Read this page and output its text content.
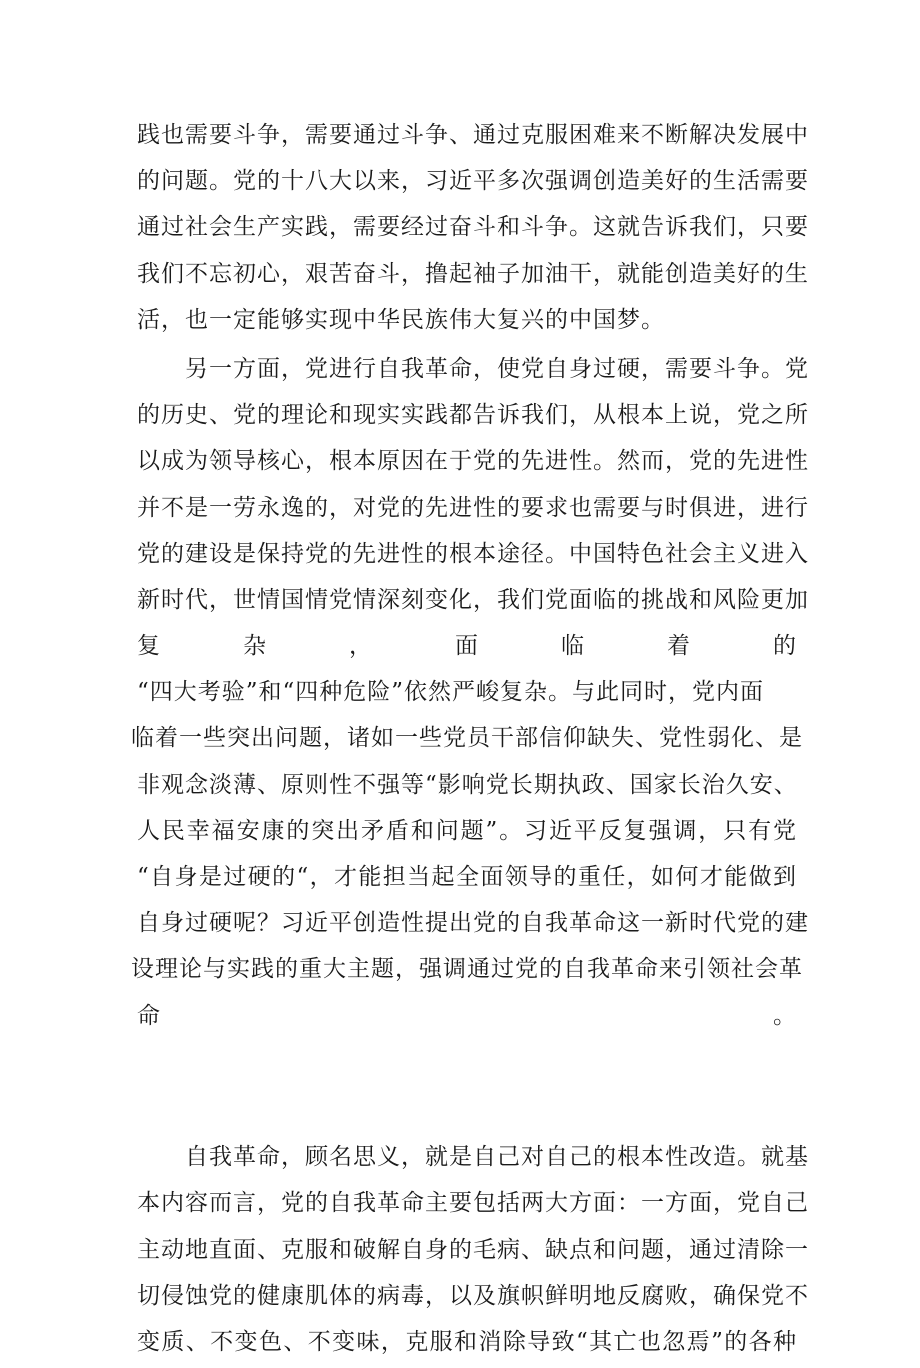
践也需要斗争，需要通过斗争、通过克服困难来不断解决发展中
的问题。党的十八大以来，习近平多次强调创造美好的生活需要
通过社会生产实践，需要经过奋斗和斗争。这就告诉我们，只要
我们不忘初心，艰苦奋斗，撸起袖子加油干，就能创造美好的生
活，也一定能够实现中华民族伟大复兴的中国梦。
另一方面，党进行自我革命，使党自身过硬，需要斗争。党
的历史、党的理论和现实实践都告诉我们，从根本上说，党之所
以成为领导核心，根本原因在于党的先进性。然而，党的先进性
并不是一劳永逸的，对党的先进性的要求也需要与时俱进，进行
党的建设是保持党的先进性的根本途径。中国特色社会主义进入
新时代，世情国情党情深刻变化，我们党面临的挑战和风险更加
复杂，面临着的
“四大考验”和“四种危险”依然严峻复杂。与此同时，党内面
临着一些突出问题，诸如一些党员干部信仰缺失、党性弱化、是
非观念淡薄、原则性不强等“影响党长期执政、国家长治久安、
人民幸福安康的突出矛盾和问题”。习近平反复强调，只有党
“自身是过硬的“，才能担当起全面领导的重任，如何才能做到
自身过硬呢？习近平创造性提出党的自我革命这一新时代党的建
设理论与实践的重大主题，强调通过党的自我革命来引领社会革
命。
自我革命，顾名思义，就是自己对自己的根本性改造。就基
本内容而言，党的自我革命主要包括两大方面：一方面，党自己
主动地直面、克服和破解自身的毛病、缺点和问题，通过清除一
切侵蚀党的健康肌体的病毒，以及旗帜鲜明地反腐败，确保党不
变质、不变色、不变味，克服和消除导致“其亡也忽焉”的各种
